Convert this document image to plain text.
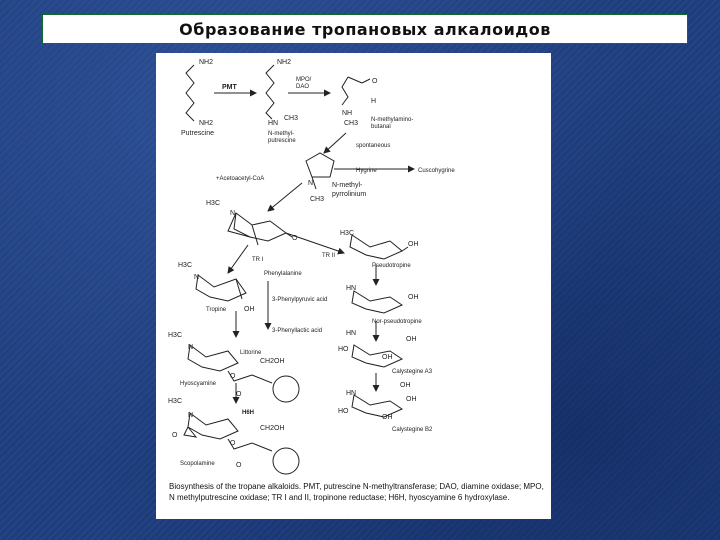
Образование тропановых алкалоидов
NH2
NH2
Putrescine
PMT
NH2
HN
CH3
N-methyl-
putrescine
MPO/
DAO
O
H
NH
CH3 N-methylamino-
butanal
spontaneous
Hygrine	Cuscohygrine
+Acetoacetyl-CoA
N
CH3
N-methyl-
pyrrolinium
H3C
N
O
H3C
OH
Pseudotropine
TR I
TR II
H3C
N
OH
Tropine
Phenylalanine
3-Phenylpyruvic acid
3-Phenyllactic acid
HN
OH
Nor-pseudotropine
HN
OH
HO
OH
Calystegine A3
HN
OH
OH
HO
OH
Calystegine B2
H3C
N
Littorine
CH2OH
O
O
Hyoscyamine
H6H
H3C
N
O
CH2OH
O
O
Scopolamine
Biosynthesis of the tropane alkaloids. PMT, putrescine N-methyltransferase; DAO, diamine oxidase; MPO, N methylputrescine oxidase; TR I and II, tropinone reductase; H6H, hyoscyamine 6 hydroxylase.
